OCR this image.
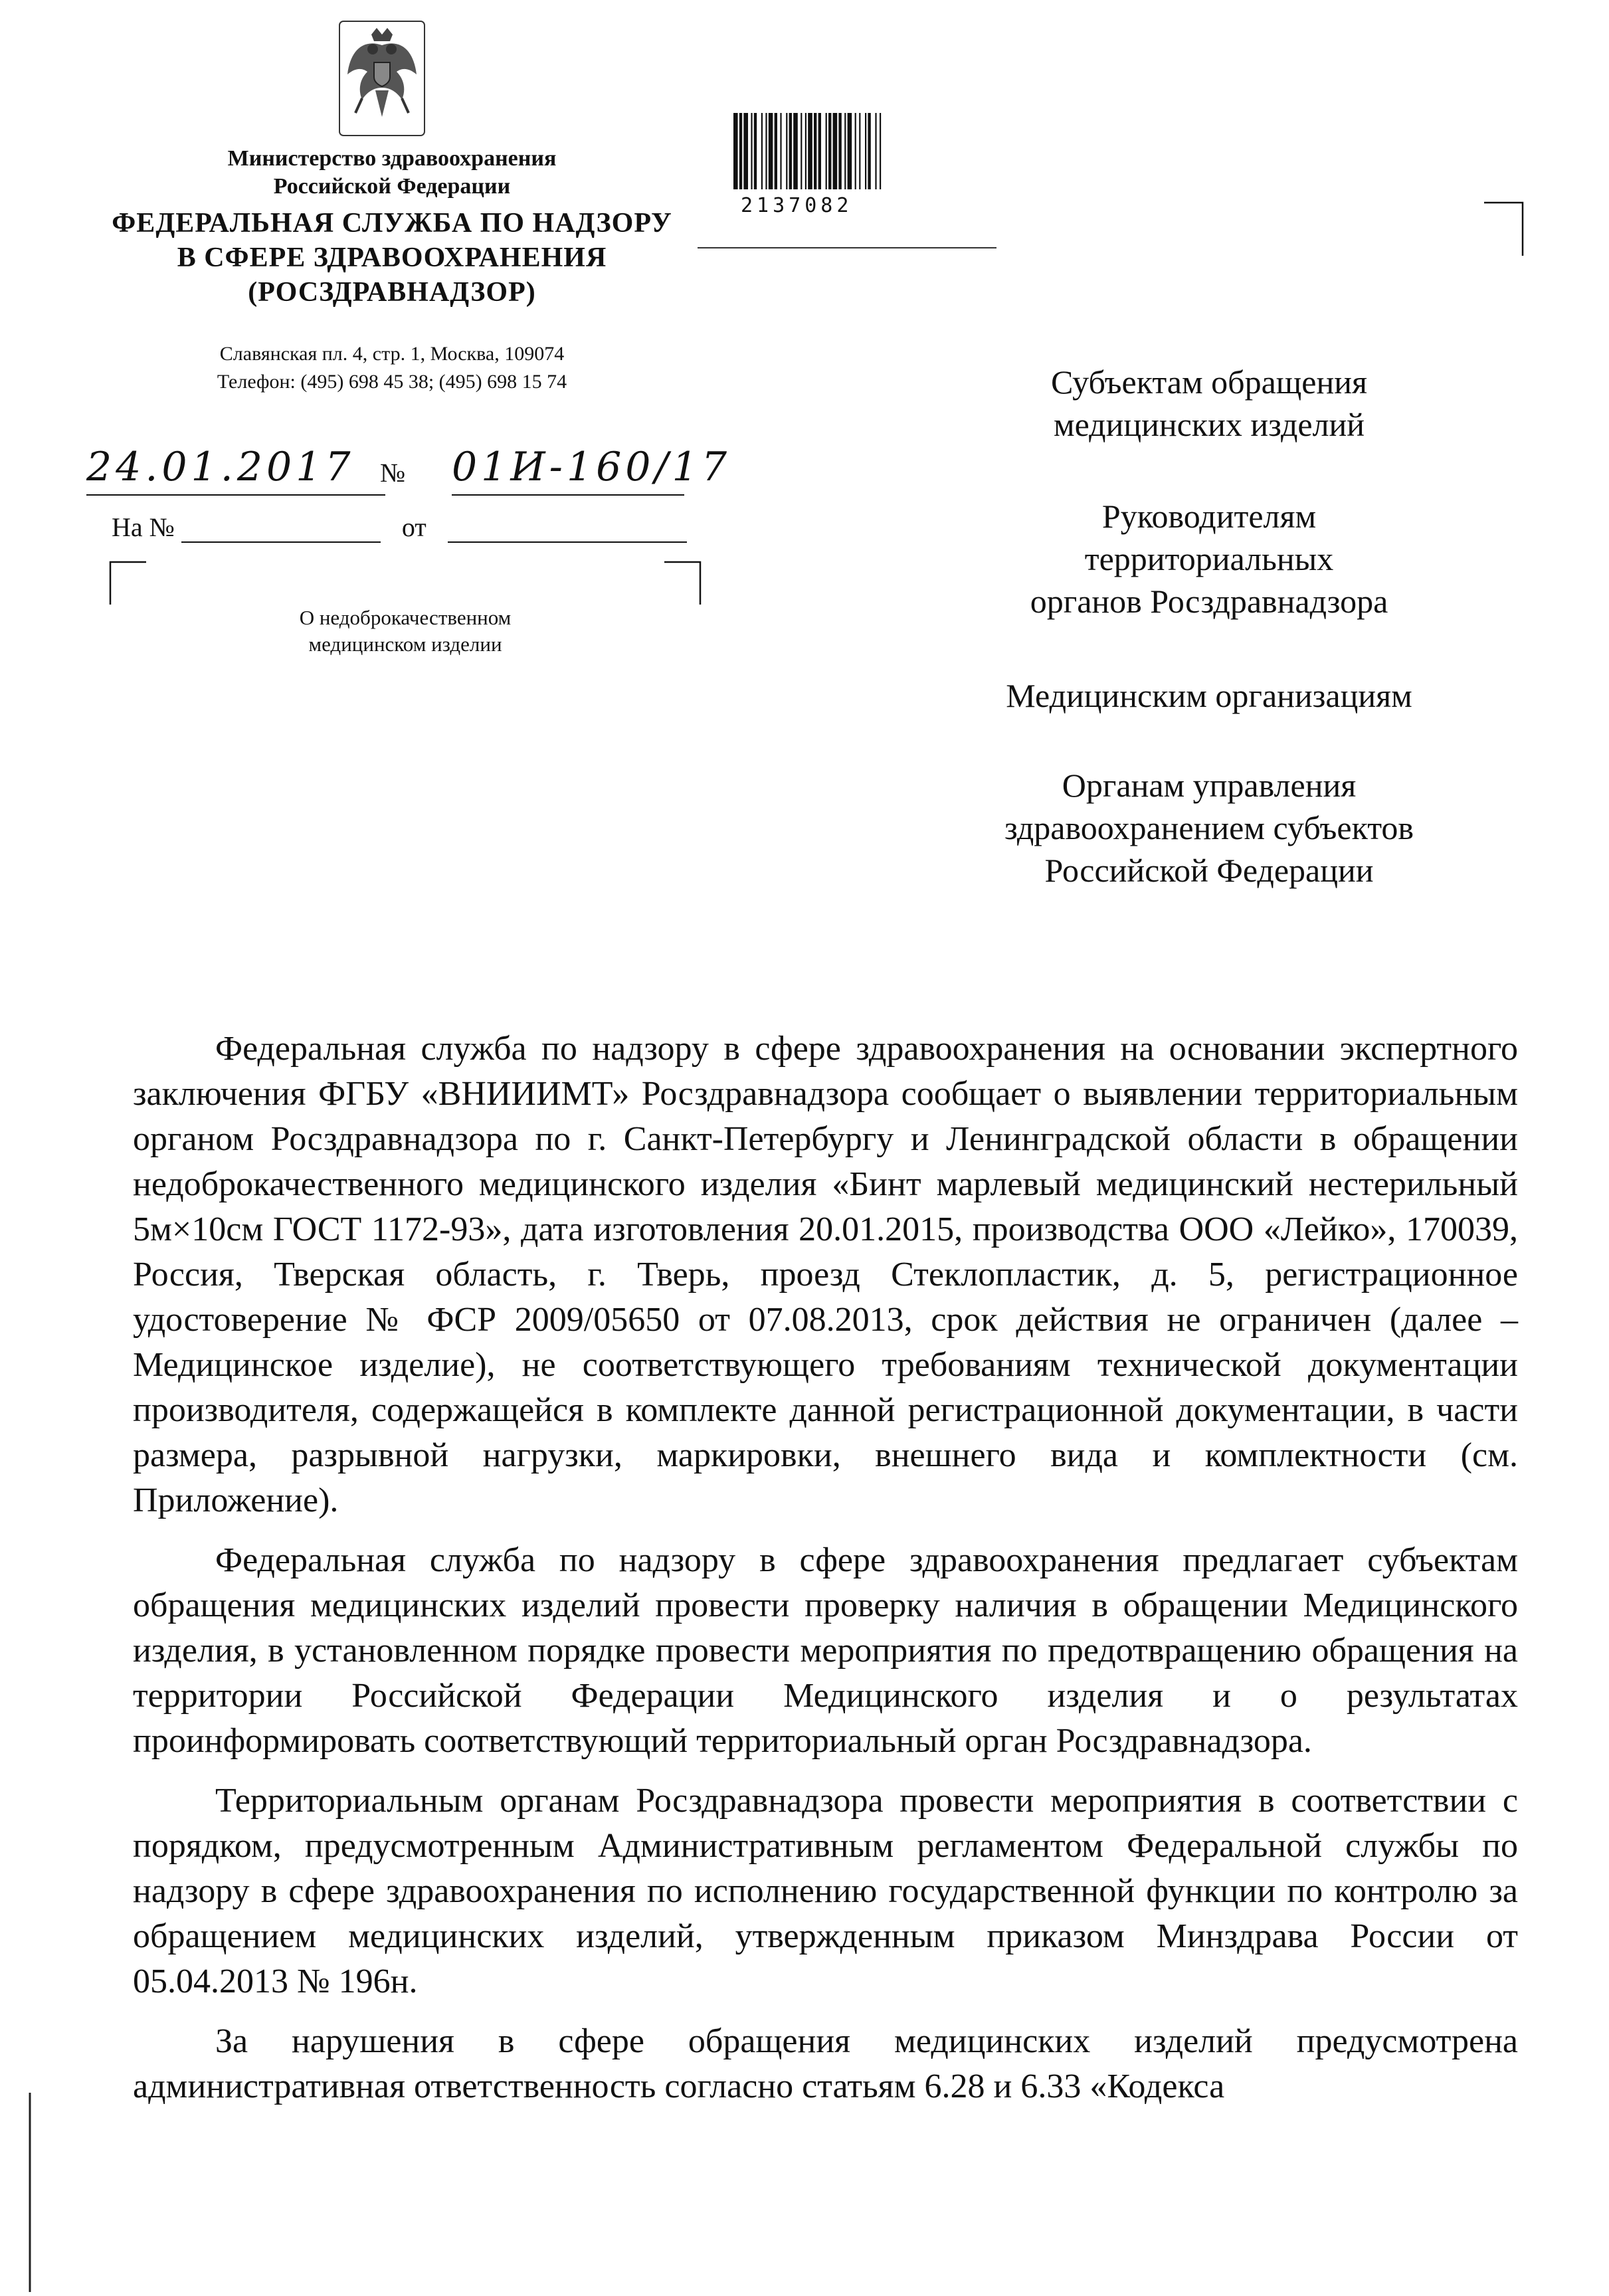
Министерство здравоохранения
Российской Федерации
ФЕДЕРАЛЬНАЯ СЛУЖБА ПО НАДЗОРУ
В СФЕРЕ ЗДРАВООХРАНЕНИЯ
(РОСЗДРАВНАДЗОР)
Славянская пл. 4, стр. 1, Москва, 109074
Телефон: (495) 698 45 38; (495) 698 15 74
24.01.2017 № 01И-160/17
На №	от
О недоброкачественном
медицинском изделии
2137082
Субъектам обращения
медицинских изделий
Руководителям
территориальных
органов Росздравнадзора
Медицинским организациям
Органам управления
здравоохранением субъектов
Российской Федерации

Федеральная служба по надзору в сфере здравоохранения на основании экспертного заключения ФГБУ «ВНИИИМТ» Росздравнадзора сообщает о выявлении территориальным органом Росздравнадзора по г. Санкт-Петербургу и Ленинградской области в обращении недоброкачественного медицинского изделия «Бинт марлевый медицинский нестерильный 5м×10см ГОСТ 1172-93», дата изготовления 20.01.2015, производства ООО «Лейко», 170039, Россия, Тверская область, г. Тверь, проезд Стеклопластик, д. 5, регистрационное удостоверение № ФСР 2009/05650 от 07.08.2013, срок действия не ограничен (далее – Медицинское изделие), не соответствующего требованиям технической документации производителя, содержащейся в комплекте данной регистрационной документации, в части размера, разрывной нагрузки, маркировки, внешнего вида и комплектности (см. Приложение).

Федеральная служба по надзору в сфере здравоохранения предлагает субъектам обращения медицинских изделий провести проверку наличия в обращении Медицинского изделия, в установленном порядке провести мероприятия по предотвращению обращения на территории Российской Федерации Медицинского изделия и о результатах проинформировать соответствующий территориальный орган Росздравнадзора.

Территориальным органам Росздравнадзора провести мероприятия в соответствии с порядком, предусмотренным Административным регламентом Федеральной службы по надзору в сфере здравоохранения по исполнению государственной функции по контролю за обращением медицинских изделий, утвержденным приказом Минздрава России от 05.04.2013 № 196н.

За нарушения в сфере обращения медицинских изделий предусмотрена административная ответственность согласно статьям 6.28 и 6.33 «Кодекса
